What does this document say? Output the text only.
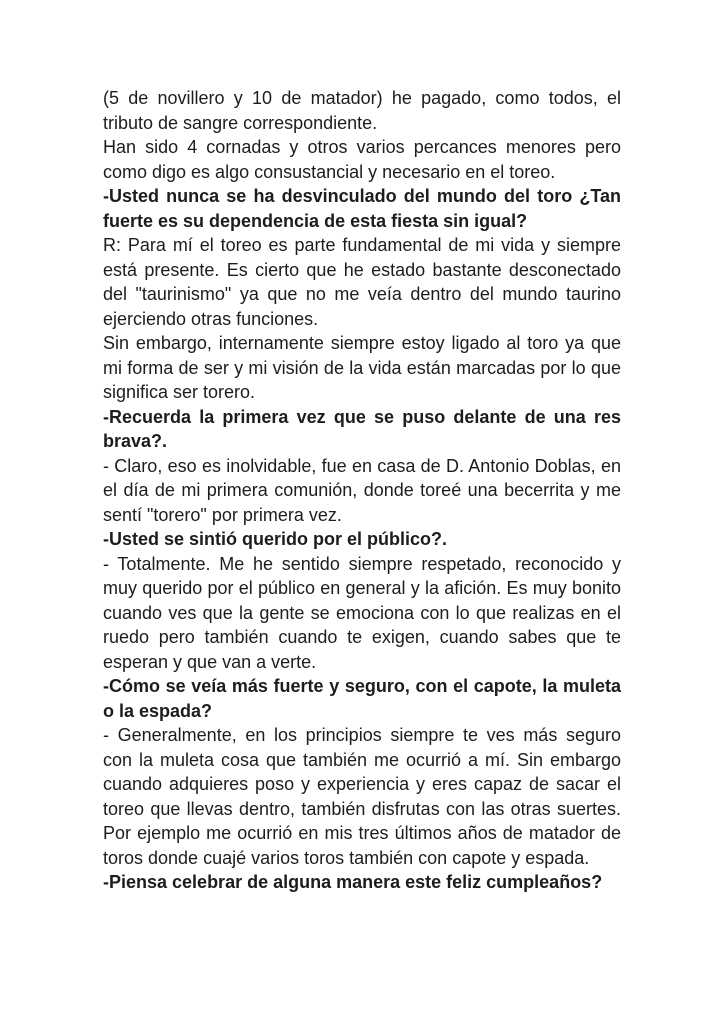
(5 de novillero y 10 de matador) he pagado, como todos, el tributo de sangre correspondiente.

Han sido 4 cornadas y otros varios percances menores pero como digo es algo consustancial y necesario en el toreo.

-Usted nunca se ha desvinculado del mundo del toro ¿Tan fuerte es su dependencia de esta fiesta sin igual?

R: Para mí el toreo es parte fundamental de mi vida y siempre está presente. Es cierto que he estado bastante desconectado del "taurinismo" ya que no me veía dentro del mundo taurino ejerciendo otras funciones.

Sin embargo, internamente siempre estoy ligado al toro ya que mi forma de ser y mi visión de la vida están marcadas por lo que significa ser torero.

-Recuerda la primera vez que se puso delante de una res brava?.

- Claro, eso es inolvidable, fue en casa de D. Antonio Doblas, en el día de mi primera comunión, donde toreé una becerrita y me sentí "torero" por primera vez.

-Usted se sintió querido por el público?.

- Totalmente. Me he sentido siempre respetado, reconocido y muy querido por el público en general y la afición. Es muy bonito cuando ves que la gente se emociona con lo que realizas en el ruedo pero también cuando te exigen, cuando sabes que te esperan y que van a verte.

-Cómo se veía más fuerte y seguro, con el capote, la muleta o la espada?

- Generalmente, en los principios siempre te ves más seguro con la muleta cosa que también me ocurrió a mí. Sin embargo cuando adquieres poso y experiencia y eres capaz de sacar el toreo que llevas dentro, también disfrutas con las otras suertes. Por ejemplo me ocurrió en mis tres últimos años de matador de toros donde cuajé varios toros también con capote y espada.

-Piensa celebrar de alguna manera este feliz cumpleaños?
